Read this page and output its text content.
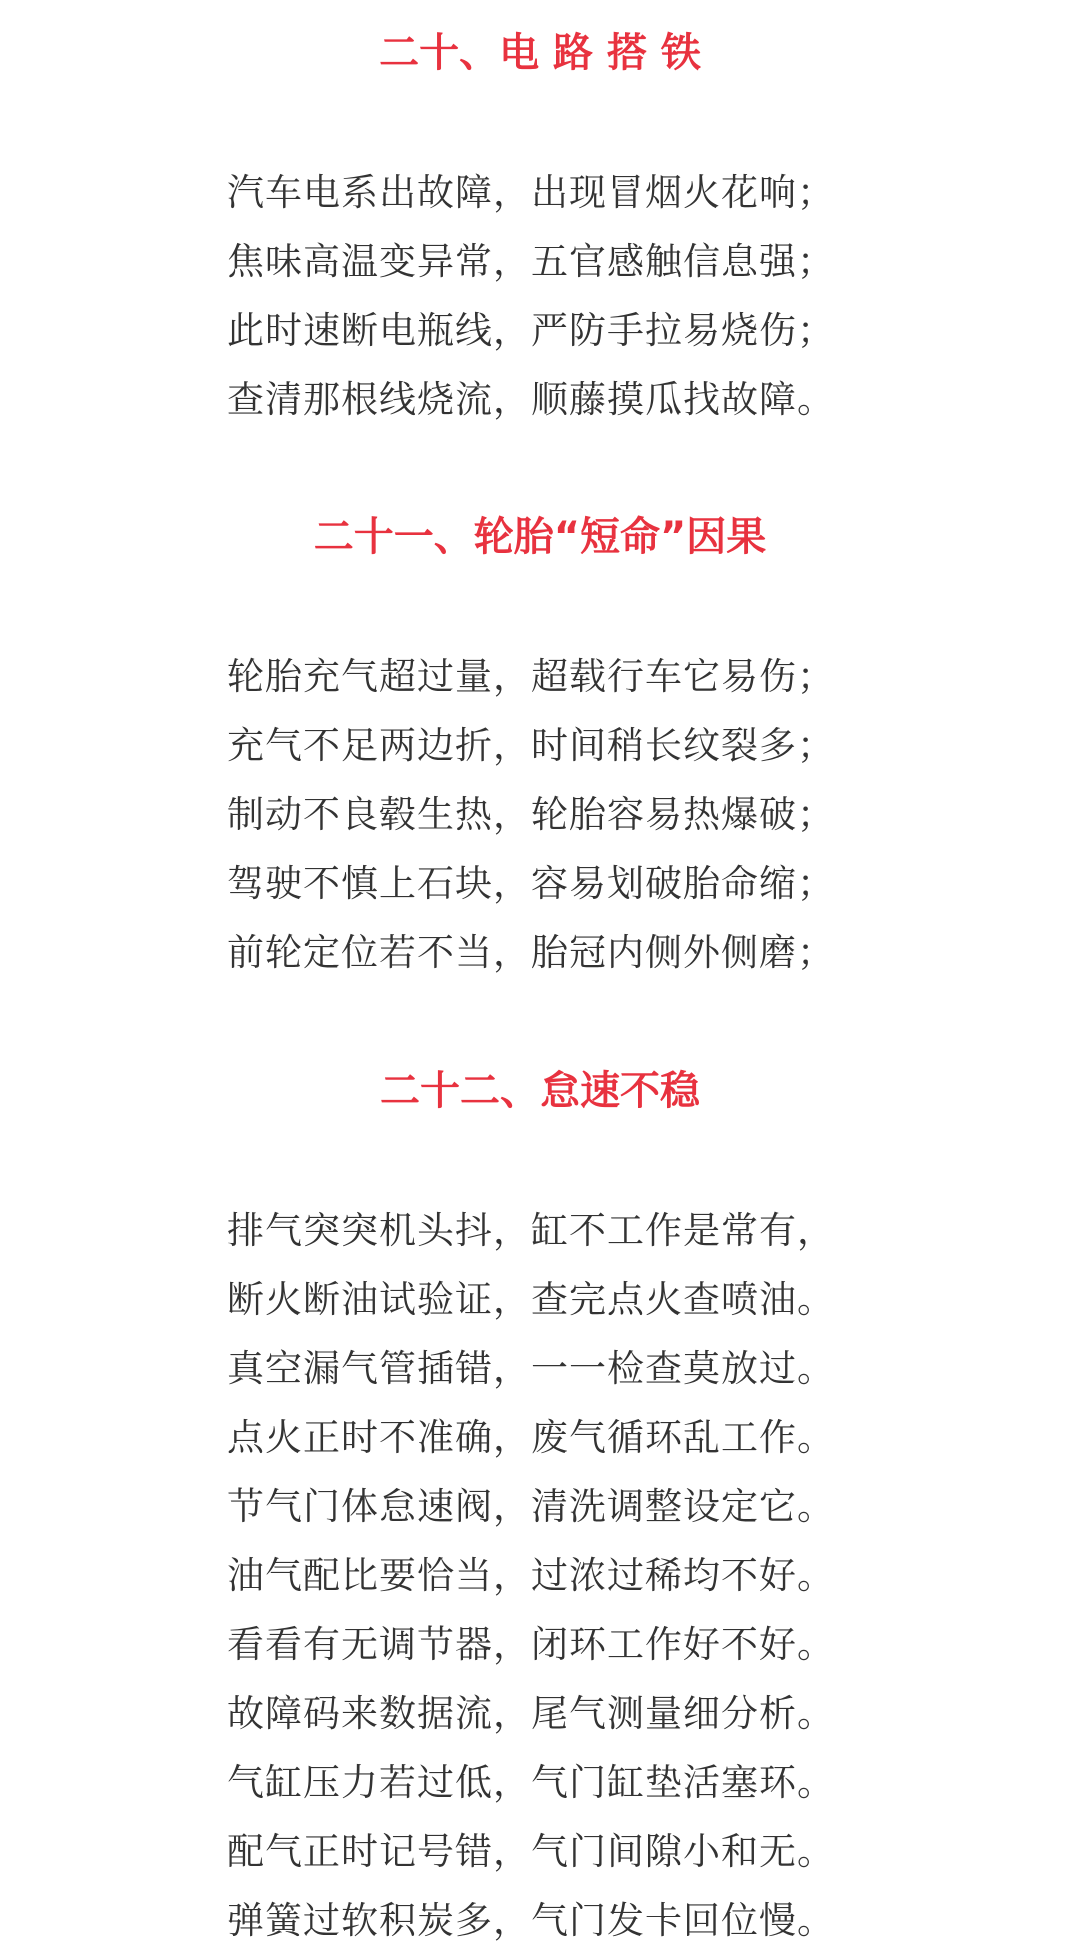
二十、电 路 搭 铁
汽车电系出故障，出现冒烟火花响；
焦味高温变异常，五官感触信息强；
此时速断电瓶线，严防手拉易烧伤；
查清那根线烧流，顺藤摸瓜找故障。
二十一、轮胎“短命”因果
轮胎充气超过量，超载行车它易伤；
充气不足两边折，时间稍长纹裂多；
制动不良毂生热，轮胎容易热爆破；
驾驶不慎上石块，容易划破胎命缩；
前轮定位若不当，胎冠内侧外侧磨；
二十二、怠速不稳
排气突突机头抖，缸不工作是常有，
断火断油试验证，查完点火查喷油。
真空漏气管插错，一一检查莫放过。
点火正时不准确，废气循环乱工作。
节气门体怠速阀，清洗调整设定它。
油气配比要恰当，过浓过稀均不好。
看看有无调节器，闭环工作好不好。
故障码来数据流，尾气测量细分析。
气缸压力若过低，气门缸垫活塞环。
配气正时记号错，气门间隙小和无。
弹簧过软积炭多，气门发卡回位慢。
